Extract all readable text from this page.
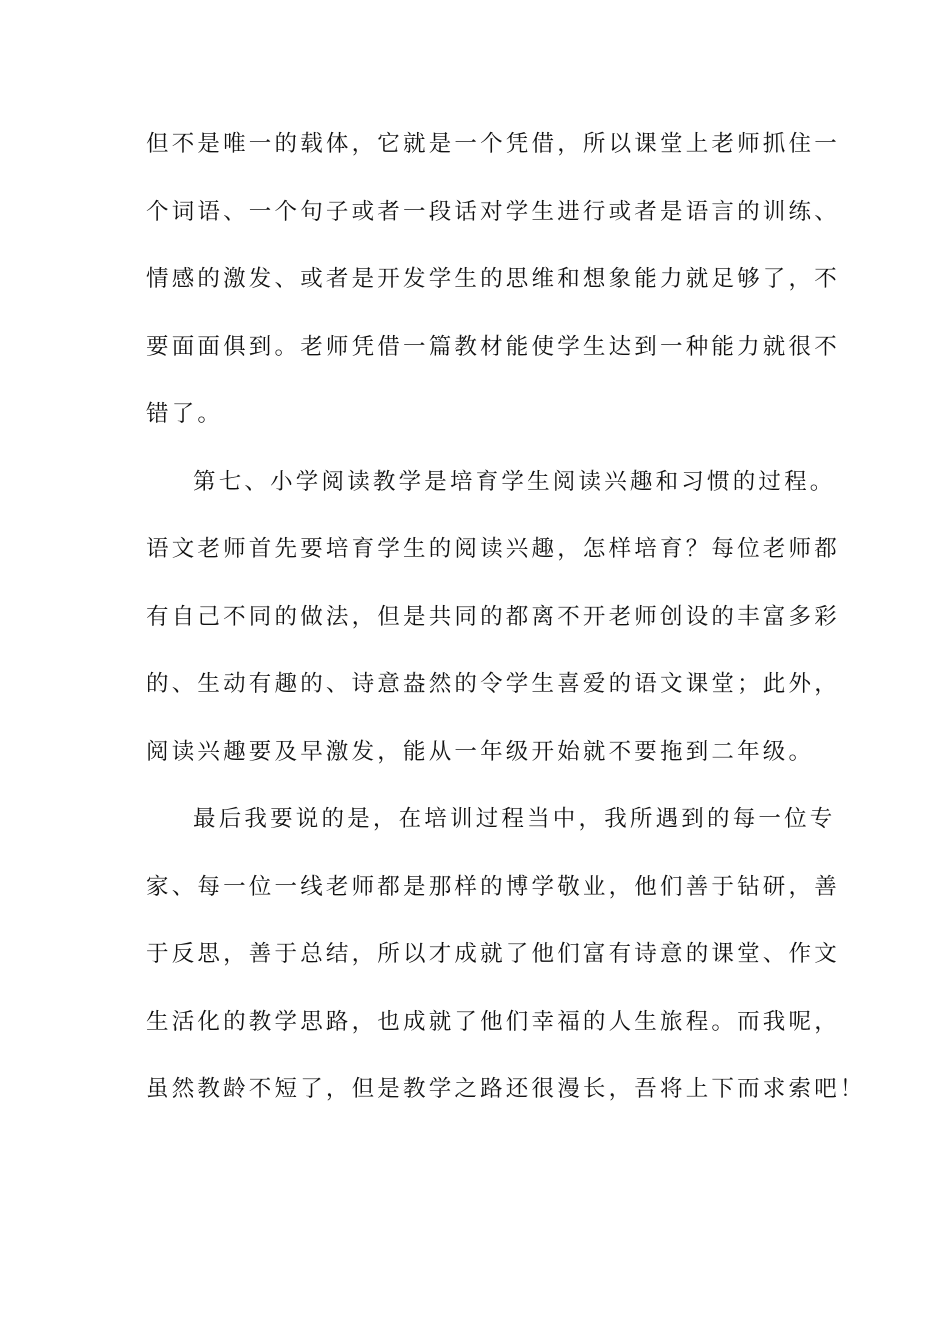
但不是唯一的载体，它就是一个凭借，所以课堂上老师抓住一
个词语、一个句子或者一段话对学生进行或者是语言的训练、
情感的激发、或者是开发学生的思维和想象能力就足够了，不
要面面俱到。老师凭借一篇教材能使学生达到一种能力就很不
错了。
第七、小学阅读教学是培育学生阅读兴趣和习惯的过程。
语文老师首先要培育学生的阅读兴趣，怎样培育？每位老师都
有自己不同的做法，但是共同的都离不开老师创设的丰富多彩
的、生动有趣的、诗意盎然的令学生喜爱的语文课堂；此外，
阅读兴趣要及早激发，能从一年级开始就不要拖到二年级。
最后我要说的是，在培训过程当中，我所遇到的每一位专
家、每一位一线老师都是那样的博学敬业，他们善于钻研，善
于反思，善于总结，所以才成就了他们富有诗意的课堂、作文
生活化的教学思路，也成就了他们幸福的人生旅程。而我呢，
虽然教龄不短了，但是教学之路还很漫长，吾将上下而求索吧！
